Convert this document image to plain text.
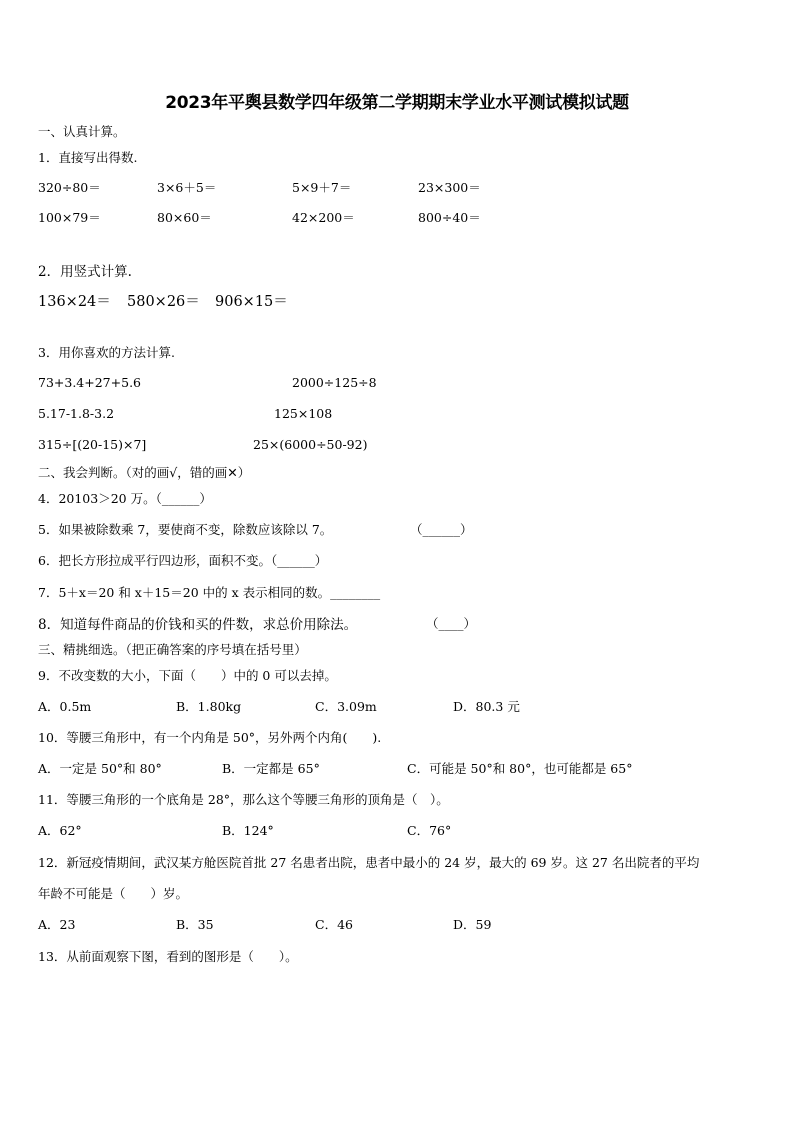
2023年平舆县数学四年级第二学期期末学业水平测试模拟试题
一、认真计算。
1．直接写出得数.
320÷80＝	3×6＋5＝	5×9＋7＝	23×300＝
100×79＝	80×60＝	42×200＝	800÷40＝
2．用竖式计算.
136×24＝ 580×26＝ 906×15＝
3．用你喜欢的方法计算.
73+3.4+27+5.6	2000÷125÷8
5.17-1.8-3.2	125×108
315÷[(20-15)×7]	25×(6000÷50-92)
二、我会判断。（对的画√，错的画✕）
4．20103＞20 万。（______）
5．如果被除数乘 7，要使商不变，除数应该除以 7。	（______）
6．把长方形拉成平行四边形，面积不变。（______）
7．5＋x＝20 和 x＋15＝20 中的 x 表示相同的数。________
8．知道每件商品的价钱和买的件数，求总价用除法。	（____）
三、精挑细选。（把正确答案的序号填在括号里）
9．不改变数的大小，下面（　　）中的 0 可以去掉。
A．0.5m	B．1.80kg	C．3.09m	D．80.3 元
10．等腰三角形中，有一个内角是 50°，另外两个内角(　　).
A．一定是 50°和 80°	B．一定都是 65°	C．可能是 50°和 80°，也可能都是 65°
11．等腰三角形的一个底角是 28°，那么这个等腰三角形的顶角是（　）。
A．62°	B．124°	C．76°
12．新冠疫情期间，武汉某方舱医院首批 27 名患者出院，患者中最小的 24 岁，最大的 69 岁。这 27 名出院者的平均
年龄不可能是（　　）岁。
A．23	B．35	C．46	D．59
13．从前面观察下图，看到的图形是（　　）。
